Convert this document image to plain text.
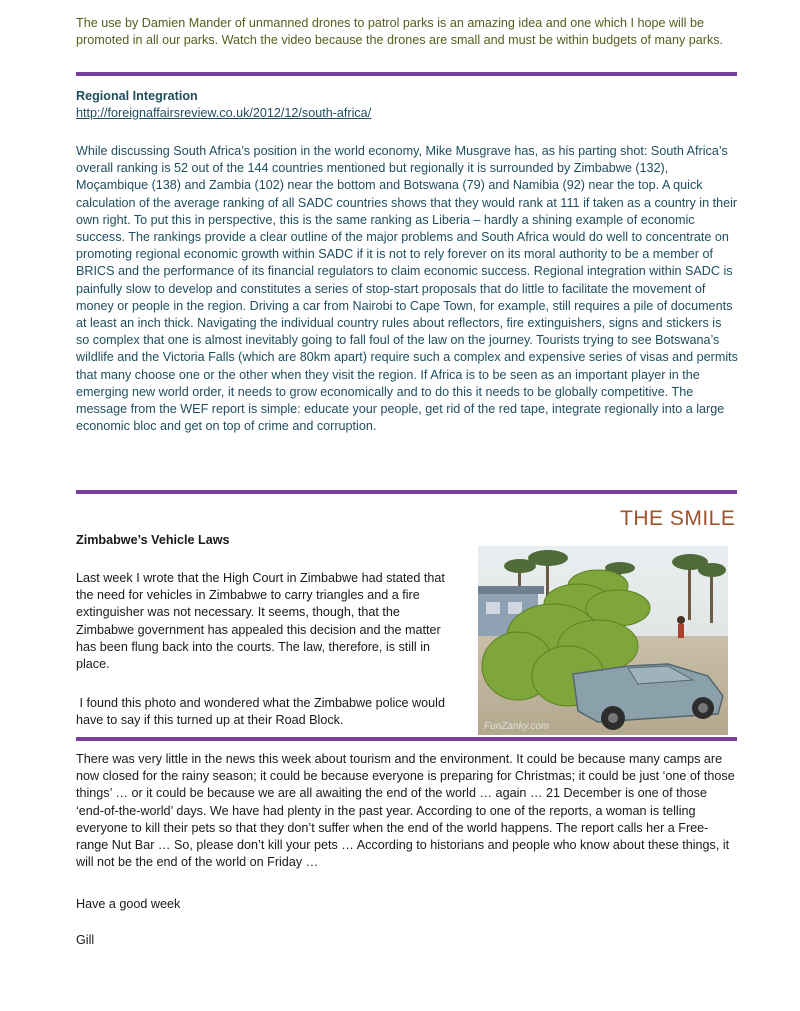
The use by Damien Mander of unmanned drones to patrol parks is an amazing idea and one which I hope will be promoted in all our parks. Watch the video because the drones are small and must be within budgets of many parks.
Regional Integration
http://foreignaffairsreview.co.uk/2012/12/south-africa/
While discussing South Africa’s position in the world economy, Mike Musgrave has, as his parting shot: South Africa’s overall ranking is 52 out of the 144 countries mentioned but regionally it is surrounded by Zimbabwe (132), Moçambique (138) and Zambia (102) near the bottom and Botswana (79) and Namibia (92) near the top. A quick calculation of the average ranking of all SADC countries shows that they would rank at 111 if taken as a country in their own right. To put this in perspective, this is the same ranking as Liberia – hardly a shining example of economic success. The rankings provide a clear outline of the major problems and South Africa would do well to concentrate on promoting regional economic growth within SADC if it is not to rely forever on its moral authority to be a member of BRICS and the performance of its financial regulators to claim economic success. Regional integration within SADC is painfully slow to develop and constitutes a series of stop-start proposals that do little to facilitate the movement of money or people in the region. Driving a car from Nairobi to Cape Town, for example, still requires a pile of documents at least an inch thick. Navigating the individual country rules about reflectors, fire extinguishers, signs and stickers is so complex that one is almost inevitably going to fall foul of the law on the journey. Tourists trying to see Botswana’s wildlife and the Victoria Falls (which are 80km apart) require such a complex and expensive series of visas and permits that many choose one or the other when they visit the region. If Africa is to be seen as an important player in the emerging new world order, it needs to grow economically and to do this it needs to be globally competitive. The message from the WEF report is simple: educate your people, get rid of the red tape, integrate regionally into a large economic bloc and get on top of crime and corruption.
THE SMILE
Zimbabwe’s Vehicle Laws
Last week I wrote that the High Court in Zimbabwe had stated that the need for vehicles in Zimbabwe to carry triangles and a fire extinguisher was not necessary. It seems, though, that the Zimbabwe government has appealed this decision and the matter has been flung back into the courts. The law, therefore, is still in place.
I found this photo and wondered what the Zimbabwe police would have to say if this turned up at their Road Block.	FunZanky.com
There was very little in the news this week about tourism and the environment. It could be because many camps are now closed for the rainy season; it could be because everyone is preparing for Christmas; it could be just ‘one of those things’ … or it could be because we are all awaiting the end of the world … again … 21 December is one of those ‘end-of-the-world’ days. We have had plenty in the past year. According to one of the reports, a woman is telling everyone to kill their pets so that they don’t suffer when the end of the world happens. The report calls her a Free-range Nut Bar … So, please don’t kill your pets … According to historians and people who know about these things, it will not be the end of the world on Friday …
Have a good week
Gill
